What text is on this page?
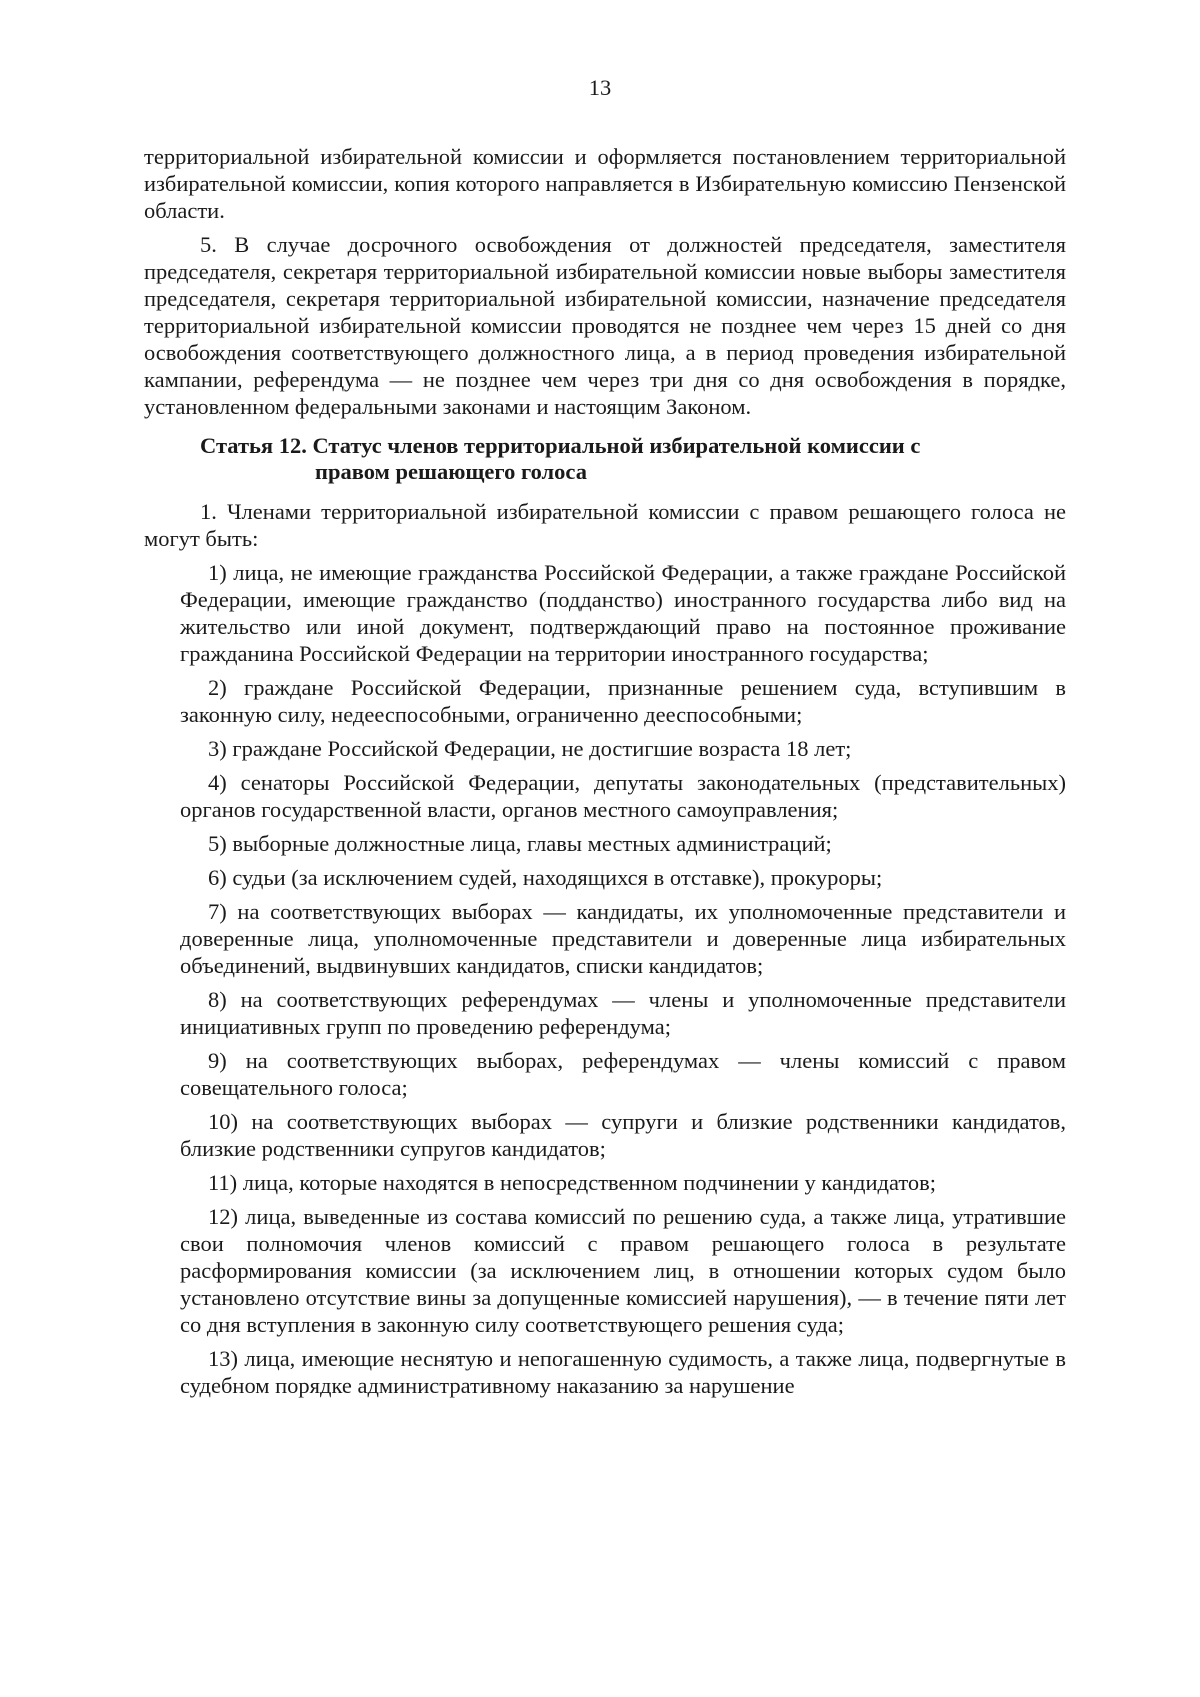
13

территориальной избирательной комиссии и оформляется постановлением территориальной избирательной комиссии, копия которого направляется в Избирательную комиссию Пензенской области.

5. В случае досрочного освобождения от должностей председателя, заместителя председателя, секретаря территориальной избирательной комиссии новые выборы заместителя председателя, секретаря территориальной избирательной комиссии, назначение председателя территориальной избирательной комиссии проводятся не позднее чем через 15 дней со дня освобождения соответствующего должностного лица, а в период проведения избирательной кампании, референдума — не позднее чем через три дня со дня освобождения в порядке, установленном федеральными законами и настоящим Законом.

Статья 12. Статус членов территориальной избирательной комиссии с
правом решающего голоса

1. Членами территориальной избирательной комиссии с правом решающего голоса не могут быть:

1) лица, не имеющие гражданства Российской Федерации, а также граждане Российской Федерации, имеющие гражданство (подданство) иностранного государства либо вид на жительство или иной документ, подтверждающий право на постоянное проживание гражданина Российской Федерации на территории иностранного государства;

2) граждане Российской Федерации, признанные решением суда, вступившим в законную силу, недееспособными, ограниченно дееспособными;

3) граждане Российской Федерации, не достигшие возраста 18 лет;

4) сенаторы Российской Федерации, депутаты законодательных (представительных) органов государственной власти, органов местного самоуправления;

5) выборные должностные лица, главы местных администраций;

6) судьи (за исключением судей, находящихся в отставке), прокуроры;

7) на соответствующих выборах — кандидаты, их уполномоченные представители и доверенные лица, уполномоченные представители и доверенные лица избирательных объединений, выдвинувших кандидатов, списки кандидатов;

8) на соответствующих референдумах — члены и уполномоченные представители инициативных групп по проведению референдума;

9) на соответствующих выборах, референдумах — члены комиссий с правом совещательного голоса;

10) на соответствующих выборах — супруги и близкие родственники кандидатов, близкие родственники супругов кандидатов;

11) лица, которые находятся в непосредственном подчинении у кандидатов;

12) лица, выведенные из состава комиссий по решению суда, а также лица, утратившие свои полномочия членов комиссий с правом решающего голоса в результате расформирования комиссии (за исключением лиц, в отношении которых судом было установлено отсутствие вины за допущенные комиссией нарушения), — в течение пяти лет со дня вступления в законную силу соответствующего решения суда;

13) лица, имеющие неснятую и непогашенную судимость, а также лица, подвергнутые в судебном порядке административному наказанию за нарушение
